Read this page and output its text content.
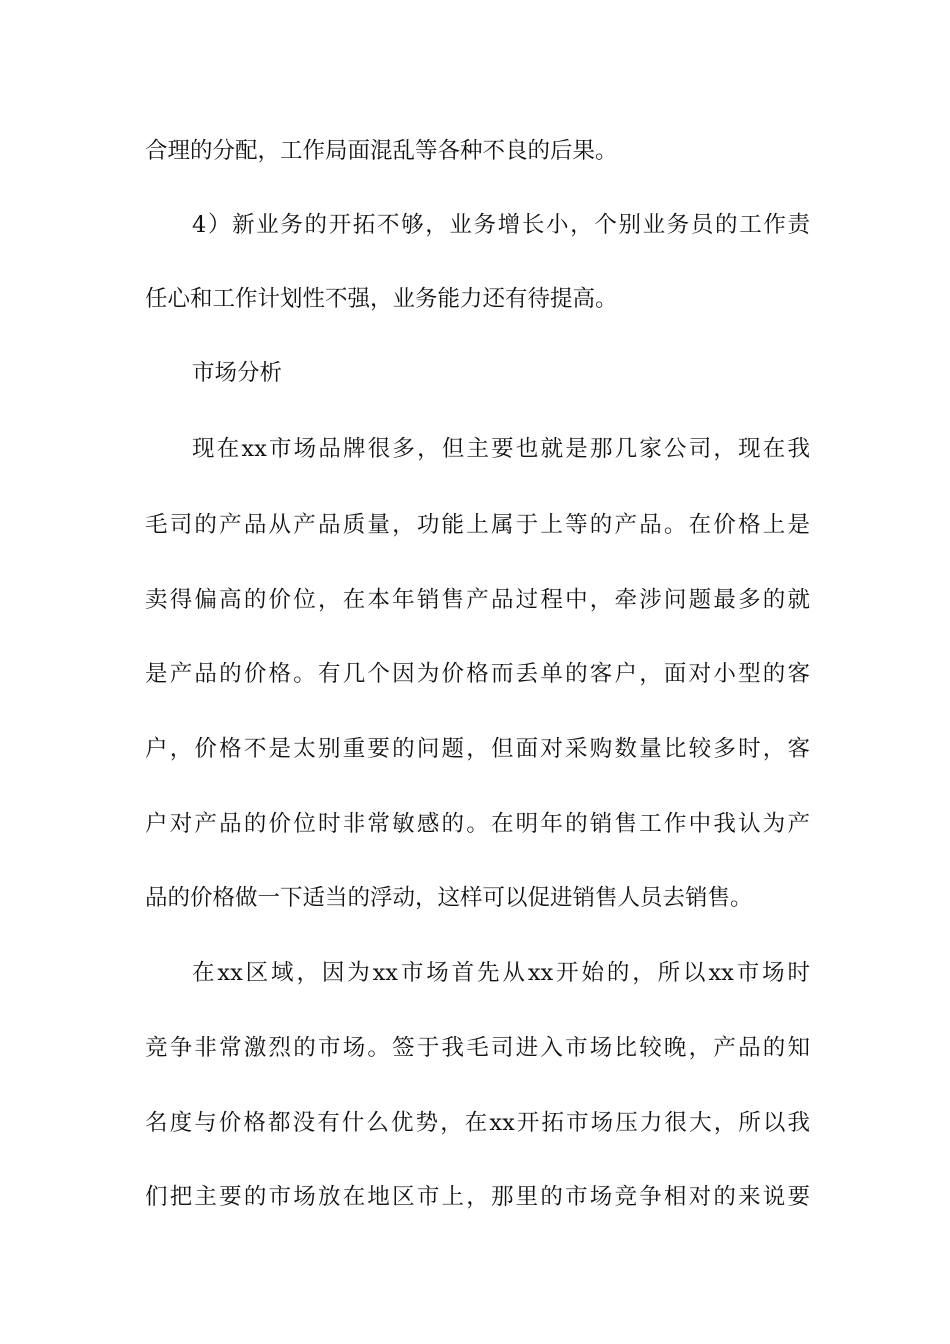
合理的分配，工作局面混乱等各种不良的后果。
4）新业务的开拓不够，业务增长小，个别业务员的工作责
任心和工作计划性不强，业务能力还有待提高。
市场分析
现在xx市场品牌很多，但主要也就是那几家公司，现在我
毛司的产品从产品质量，功能上属于上等的产品。在价格上是
卖得偏高的价位，在本年销售产品过程中，牵涉问题最多的就
是产品的价格。有几个因为价格而丢单的客户，面对小型的客
户，价格不是太别重要的问题，但面对采购数量比较多时，客
户对产品的价位时非常敏感的。在明年的销售工作中我认为产
品的价格做一下适当的浮动，这样可以促进销售人员去销售。
在xx区域，因为xx市场首先从xx开始的，所以xx市场时
竞争非常激烈的市场。签于我毛司进入市场比较晚，产品的知
名度与价格都没有什么优势，在xx开拓市场压力很大，所以我
们把主要的市场放在地区市上，那里的市场竞争相对的来说要
